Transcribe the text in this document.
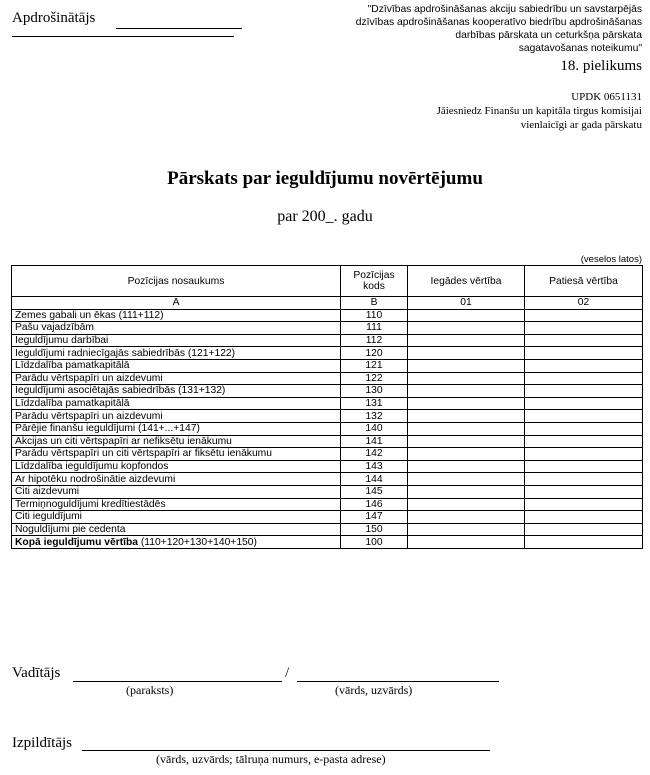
Apdrošinātājs
"Dzīvības apdrošināšanas akciju sabiedrību un savstarpējās
dzīvības apdrošināšanas kooperatīvo biedrību apdrošināšanas
darbības pārskata un ceturkšņa pārskata
sagatavošanas noteikumu"
18. pielikums
UPDK 0651131
Jāiesniedz Finanšu un kapitāla tirgus komisijai
vienlaicīgi ar gada pārskatu
Pārskats par ieguldījumu novērtējumu
par 200_. gadu
(veselos latos)
Pozīcijas nosaukums	Pozīcijas kods	Iegādes vērtība	Patiesā vērtība
A	B	01	02
Zemes gabali un ēkas (111+112)	110		
Pašu vajadzībām	111		
Ieguldījumu darbībai	112		
Ieguldījumi radniecīgajās sabiedrībās (121+122)	120		
Līdzdalība pamatkapitālā	121		
Parādu vērtspapīri un aizdevumi	122		
Ieguldījumi asociētajās sabiedrībās (131+132)	130		
Līdzdalība pamatkapitālā	131		
Parādu vērtspapīri un aizdevumi	132		
Pārējie finanšu ieguldījumi (141+...+147)	140		
Akcijas un citi vērtspapīri ar nefiksētu ienākumu	141		
Parādu vērtspapīri un citi vērtspapīri ar fiksētu ienākumu	142		
Līdzdalība ieguldījumu kopfondos	143		
Ar hipotēku nodrošinātie aizdevumi	144		
Citi aizdevumi	145		
Termiņnoguldījumi kredītiestādēs	146		
Citi ieguldījumi	147		
Noguldījumi pie cedenta	150		
Kopā ieguldījumu vērtība (110+120+130+140+150)	100		
Vadītājs	/
(paraksts)	(vārds, uzvārds)
Izpildītājs
(vārds, uzvārds; tālruņa numurs, e-pasta adrese)
